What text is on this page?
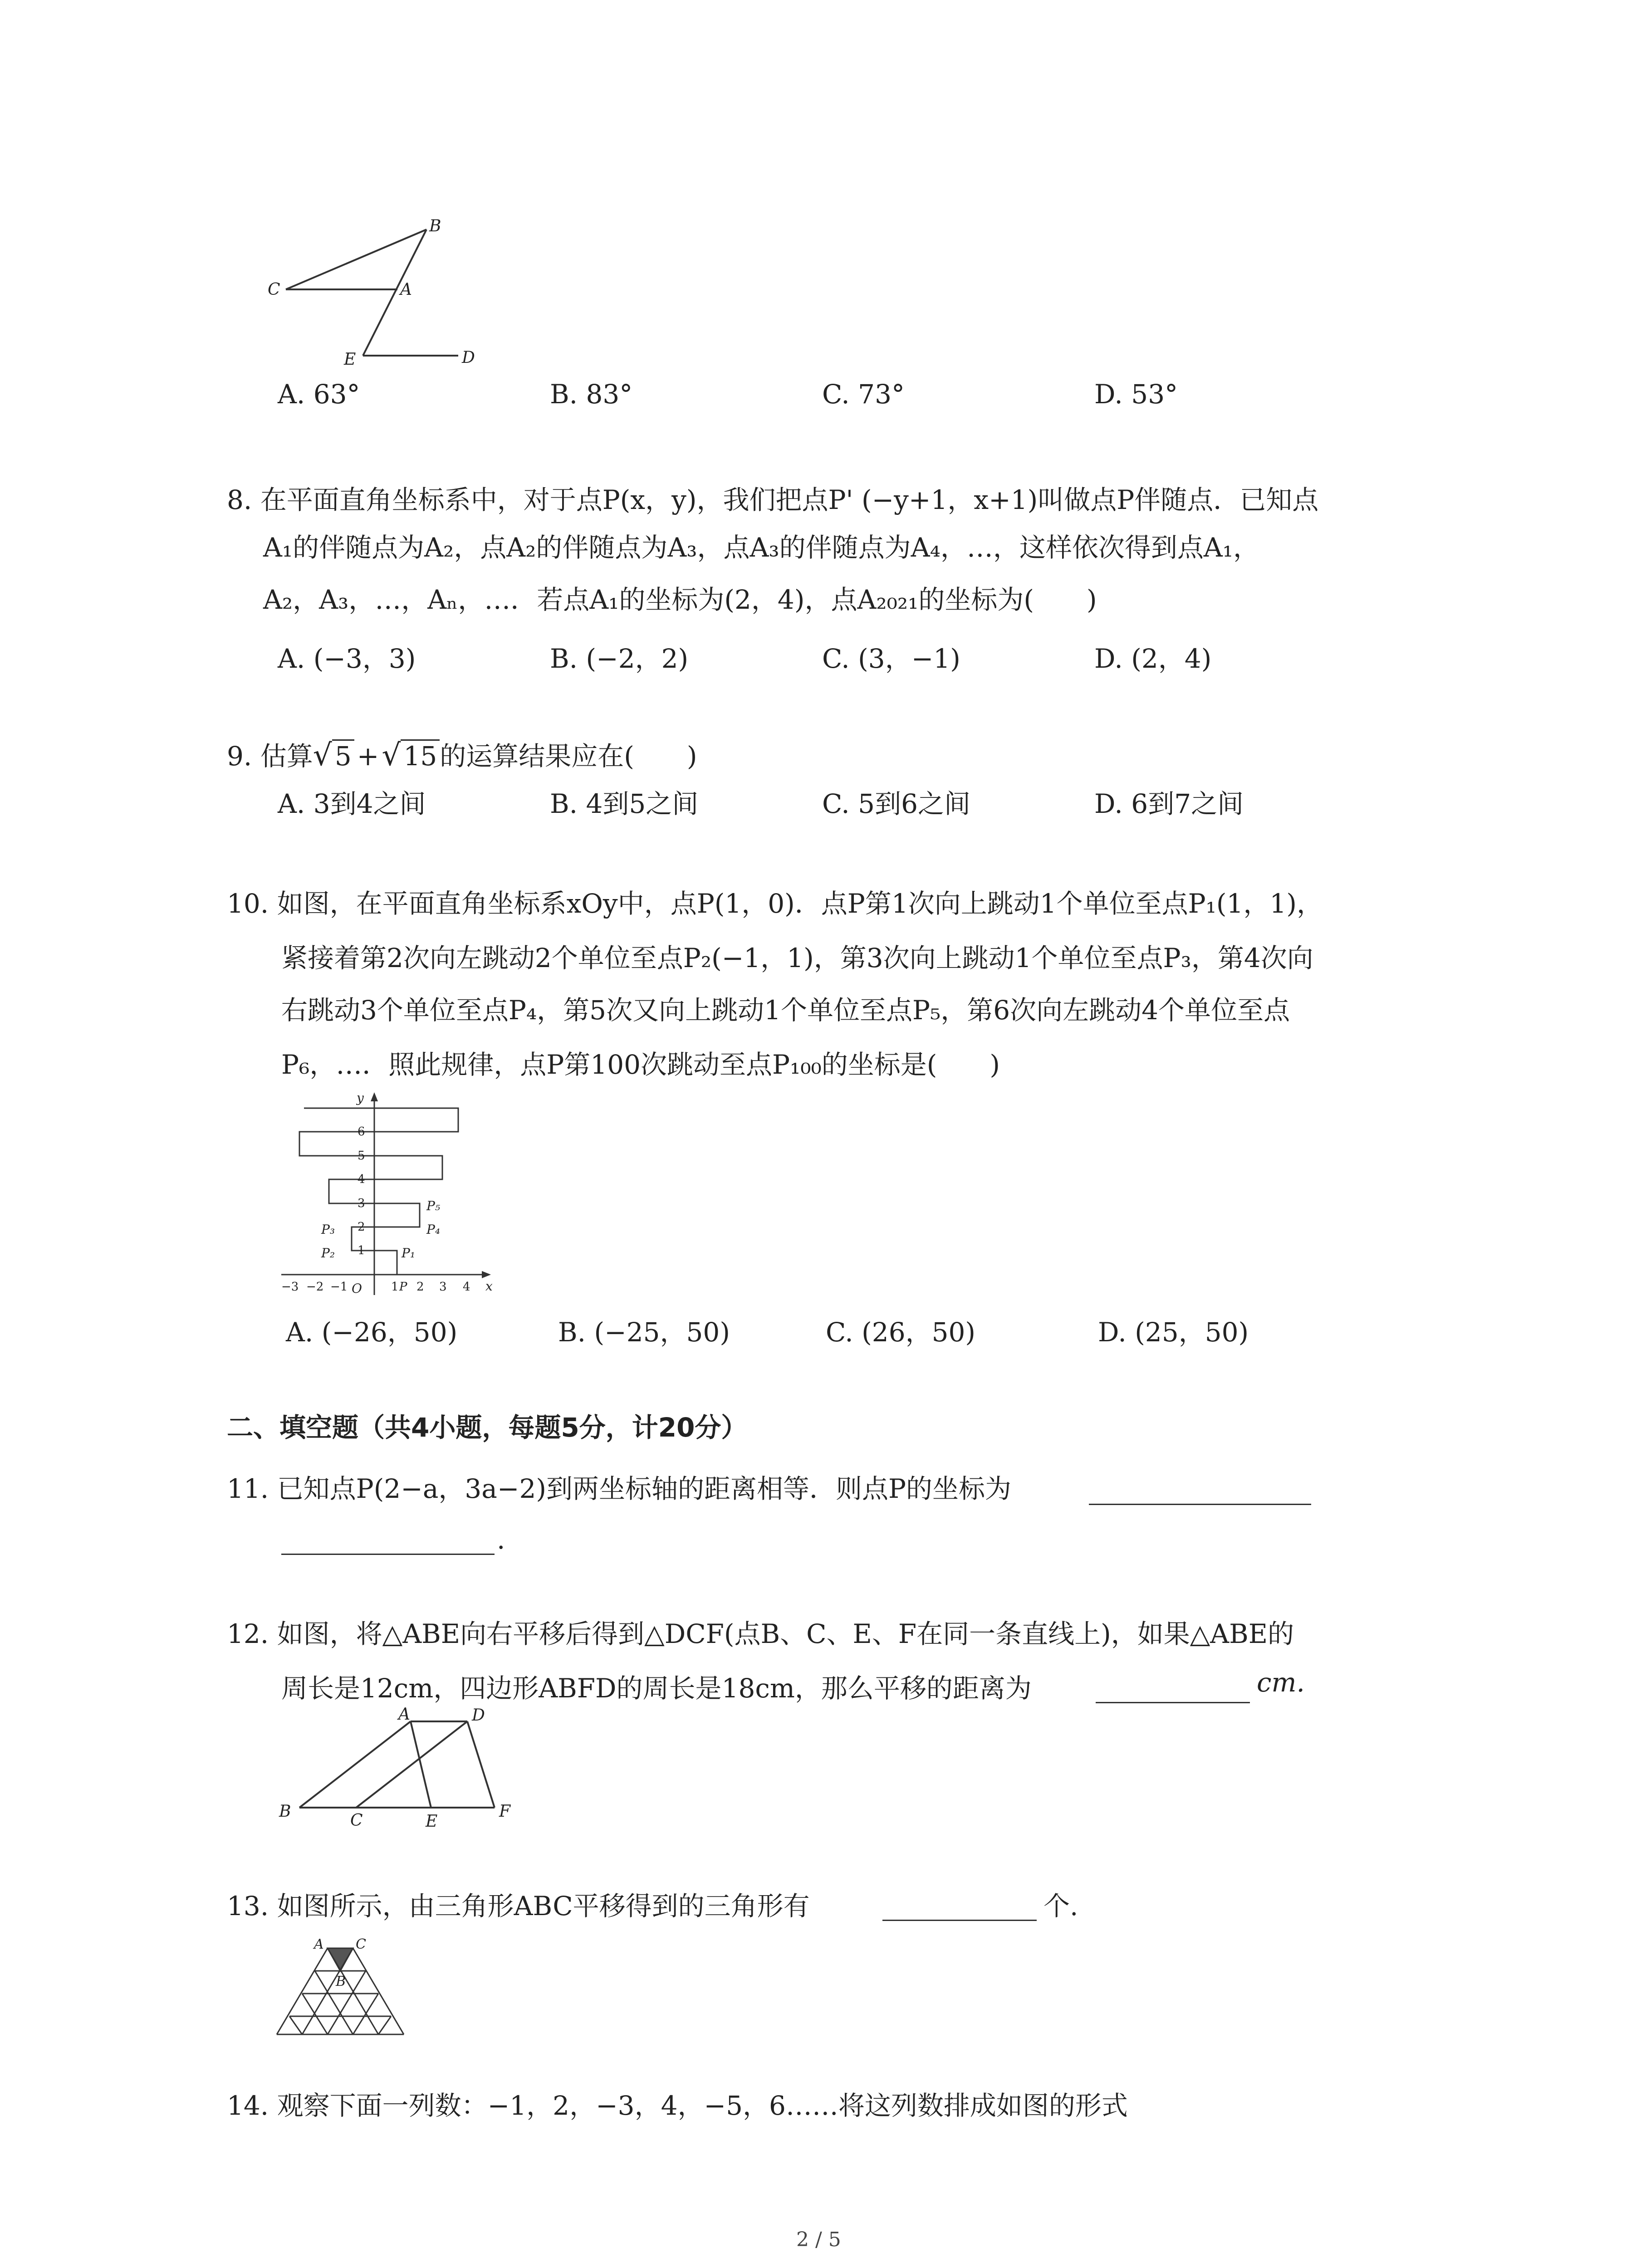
B
C	A
E	D
A. 63°	B. 83°	C. 73°	D. 53°
8. 在平面直角坐标系中，对于点P(x，y)，我们把点P' (−y+1，x+1)叫做点P伴随点．已知点
A₁的伴随点为A₂，点A₂的伴随点为A₃，点A₃的伴随点为A₄，…，这样依次得到点A₁，
A₂，A₃，…，Aₙ，…．若点A₁的坐标为(2，4)，点A₂₀₂₁的坐标为(　　)
A. (−3，3)	B. (−2，2)	C. (3，−1)	D. (2，4)
9. 估算√ 5 +√ 15 的运算结果应在(　　)
A. 3到4之间	B. 4到5之间	C. 5到6之间	D. 6到7之间
10. 如图，在平面直角坐标系xOy中，点P(1，0)．点P第1次向上跳动1个单位至点P₁(1，1)，
紧接着第2次向左跳动2个单位至点P₂(−1，1)，第3次向上跳动1个单位至点P₃，第4次向
右跳动3个单位至点P₄，第5次又向上跳动1个单位至点P₅，第6次向左跳动4个单位至点
P₆，…．照此规律，点P第100次跳动至点P₁₀₀的坐标是(　　)
1
2
3
4
5
6
y
−3 −2 −1 O 1 P 2 3 4 x
P₁
P₂
P₃	P₄
P₅
A. (−26，50)	B. (−25，50)	C. (26，50)	D. (25，50)
二、填空题（共4小题，每题5分，计20分）
11. 已知点P(2−a，3a−2)到两坐标轴的距离相等．则点P的坐标为
.
12. 如图，将△ABE向右平移后得到△DCF(点B、C、E、F在同一条直线上)，如果△ABE的
周长是12cm，四边形ABFD的周长是18cm，那么平移的距离为	cm.
A	D
B	C	E
F
13. 如图所示，由三角形ABC平移得到的三角形有	个.
A C
B
14. 观察下面一列数：−1，2，−3，4，−5，6……将这列数排成如图的形式
2 / 5
